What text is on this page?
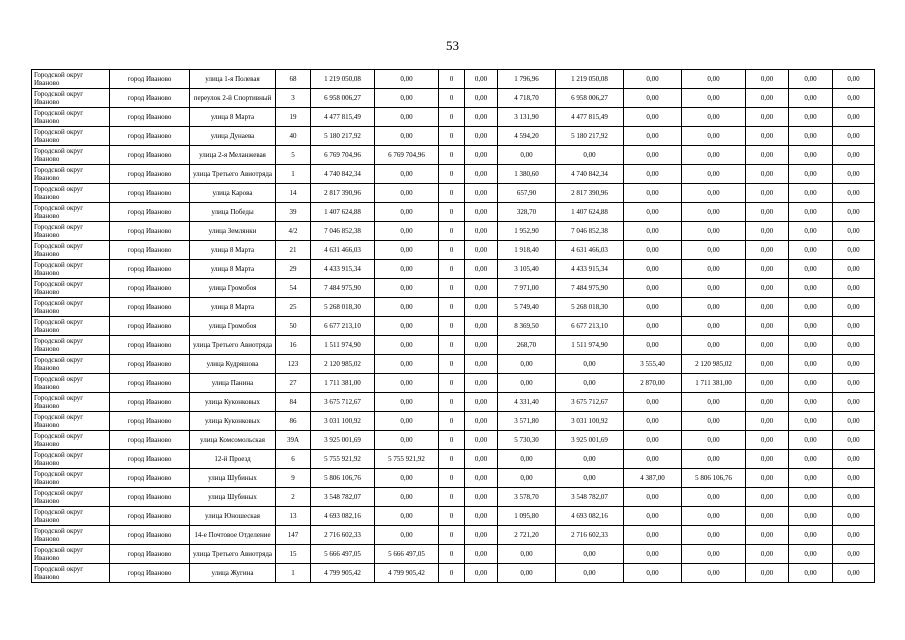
53
Городской округ Иваново	город Иваново	улица 1-я Полевая	68	1 219 050,08	0,00	0	0,00	1 796,96	1 219 050,08	0,00	0,00	0,00	0,00	0,00
Городской округ Иваново	город Иваново	переулок 2-й Спортивный	3	6 958 006,27	0,00	0	0,00	4 718,70	6 958 006,27	0,00	0,00	0,00	0,00	0,00
Городской округ Иваново	город Иваново	улица 8 Марта	19	4 477 815,49	0,00	0	0,00	3 131,90	4 477 815,49	0,00	0,00	0,00	0,00	0,00
Городской округ Иваново	город Иваново	улица Дунаева	40	5 180 217,92	0,00	0	0,00	4 594,20	5 180 217,92	0,00	0,00	0,00	0,00	0,00
Городской округ Иваново	город Иваново	улица 2-я Меланжевая	5	6 769 704,96	6 769 704,96	0	0,00	0,00	0,00	0,00	0,00	0,00	0,00	0,00
Городской округ Иваново	город Иваново	улица Третьего Авиотряда	1	4 740 842,34	0,00	0	0,00	1 380,60	4 740 842,34	0,00	0,00	0,00	0,00	0,00
Городской округ Иваново	город Иваново	улица Карова	14	2 817 390,96	0,00	0	0,00	657,90	2 817 390,96	0,00	0,00	0,00	0,00	0,00
Городской округ Иваново	город Иваново	улица Победы	39	1 407 624,88	0,00	0	0,00	328,70	1 407 624,88	0,00	0,00	0,00	0,00	0,00
Городской округ Иваново	город Иваново	улица Землянки	4/2	7 046 852,38	0,00	0	0,00	1 952,90	7 046 852,38	0,00	0,00	0,00	0,00	0,00
Городской округ Иваново	город Иваново	улица 8 Марта	21	4 631 466,03	0,00	0	0,00	1 918,40	4 631 466,03	0,00	0,00	0,00	0,00	0,00
Городской округ Иваново	город Иваново	улица 8 Марта	29	4 433 915,34	0,00	0	0,00	3 105,40	4 433 915,34	0,00	0,00	0,00	0,00	0,00
Городской округ Иваново	город Иваново	улица Громобоя	54	7 484 975,90	0,00	0	0,00	7 971,00	7 484 975,90	0,00	0,00	0,00	0,00	0,00
Городской округ Иваново	город Иваново	улица 8 Марта	25	5 268 018,30	0,00	0	0,00	5 749,40	5 268 018,30	0,00	0,00	0,00	0,00	0,00
Городской округ Иваново	город Иваново	улица Громобоя	50	6 677 213,10	0,00	0	0,00	8 369,50	6 677 213,10	0,00	0,00	0,00	0,00	0,00
Городской округ Иваново	город Иваново	улица Третьего Авиотряда	16	1 511 974,90	0,00	0	0,00	268,70	1 511 974,90	0,00	0,00	0,00	0,00	0,00
Городской округ Иваново	город Иваново	улица Кудряшова	123	2 120 985,02	0,00	0	0,00	0,00	0,00	3 555,40	2 120 985,02	0,00	0,00	0,00
Городской округ Иваново	город Иваново	улица Панина	27	1 711 381,00	0,00	0	0,00	0,00	0,00	2 870,00	1 711 381,00	0,00	0,00	0,00
Городской округ Иваново	город Иваново	улица Куконковых	84	3 675 712,67	0,00	0	0,00	4 331,40	3 675 712,67	0,00	0,00	0,00	0,00	0,00
Городской округ Иваново	город Иваново	улица Куконковых	86	3 031 100,92	0,00	0	0,00	3 571,80	3 031 100,92	0,00	0,00	0,00	0,00	0,00
Городской округ Иваново	город Иваново	улица Комсомольская	39А	3 925 001,69	0,00	0	0,00	5 730,30	3 925 001,69	0,00	0,00	0,00	0,00	0,00
Городской округ Иваново	город Иваново	12-й Проезд	6	5 755 921,92	5 755 921,92	0	0,00	0,00	0,00	0,00	0,00	0,00	0,00	0,00
Городской округ Иваново	город Иваново	улица Шубиных	9	5 806 106,76	0,00	0	0,00	0,00	0,00	4 387,00	5 806 106,76	0,00	0,00	0,00
Городской округ Иваново	город Иваново	улица Шубиных	2	3 548 782,07	0,00	0	0,00	3 578,70	3 548 782,07	0,00	0,00	0,00	0,00	0,00
Городской округ Иваново	город Иваново	улица Юношеская	13	4 693 082,16	0,00	0	0,00	1 095,80	4 693 082,16	0,00	0,00	0,00	0,00	0,00
Городской округ Иваново	город Иваново	14-е Почтовое Отделение	147	2 716 602,33	0,00	0	0,00	2 721,20	2 716 602,33	0,00	0,00	0,00	0,00	0,00
Городской округ Иваново	город Иваново	улица Третьего Авиотряда	15	5 666 497,05	5 666 497,05	0	0,00	0,00	0,00	0,00	0,00	0,00	0,00	0,00
Городской округ Иваново	город Иваново	улица Жугина	1	4 799 905,42	4 799 905,42	0	0,00	0,00	0,00	0,00	0,00	0,00	0,00	0,00
